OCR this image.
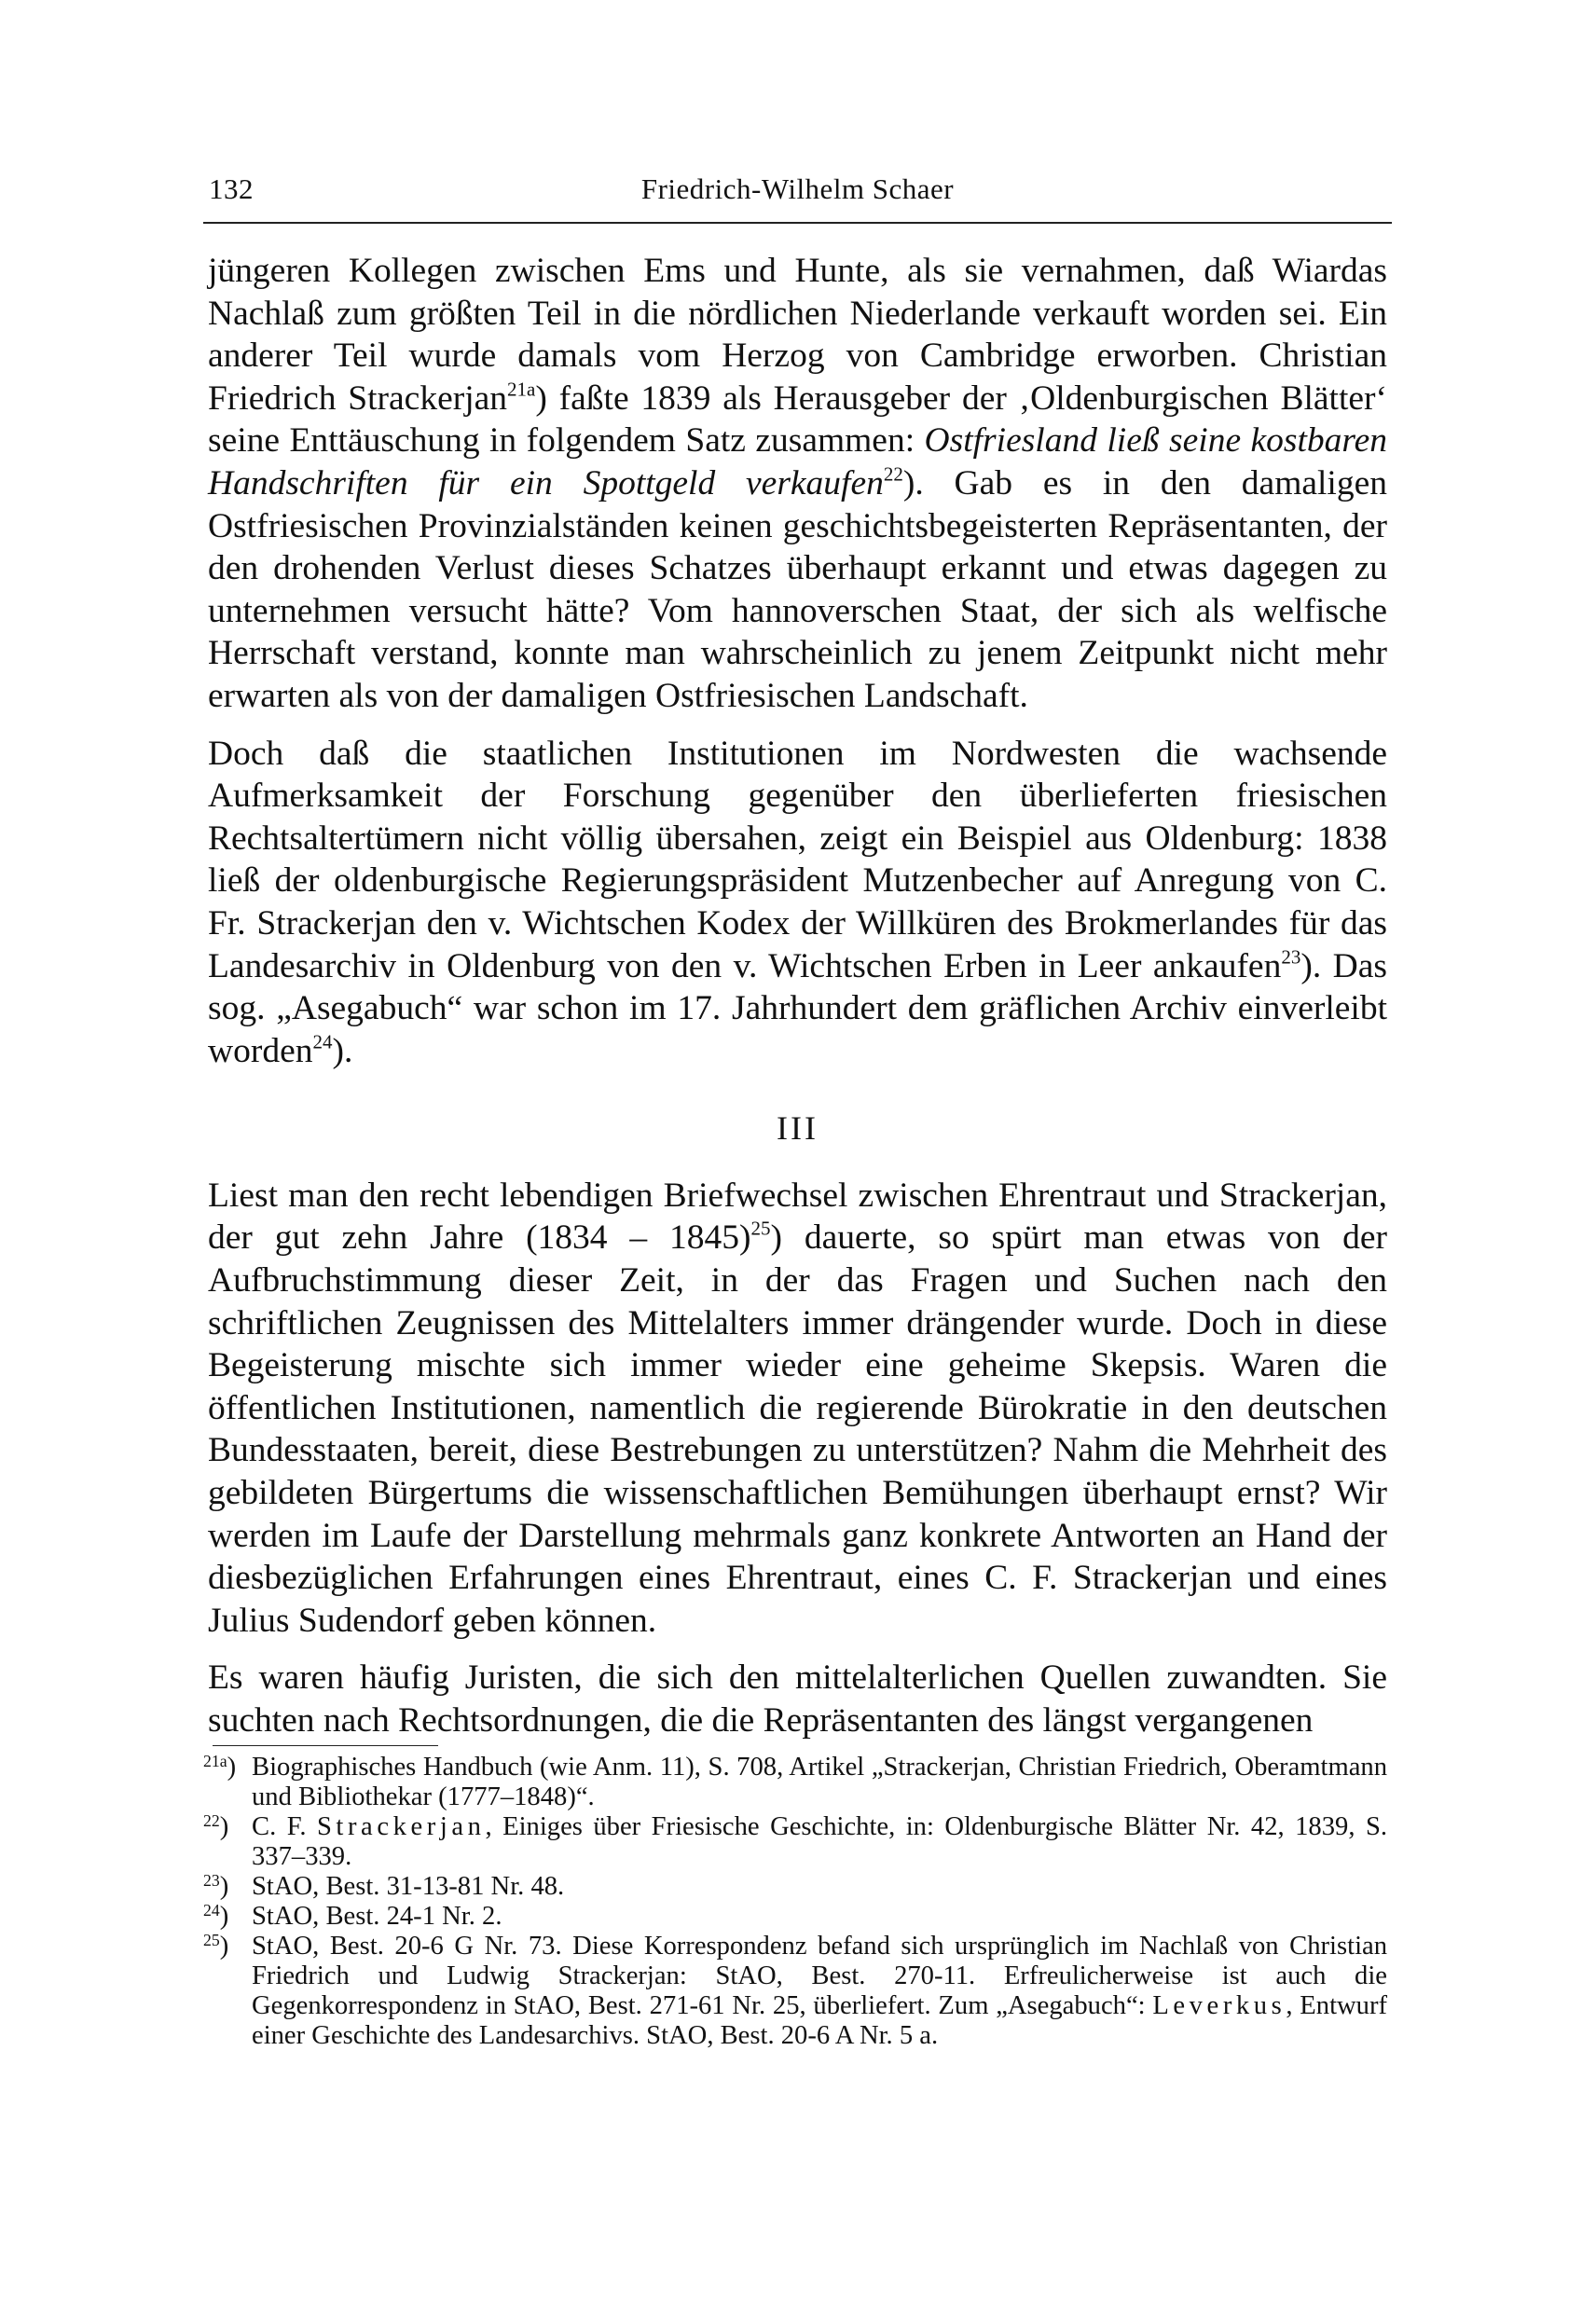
132	Friedrich-Wilhelm Schaer

jüngeren Kollegen zwischen Ems und Hunte, als sie vernahmen, daß Wiardas Nachlaß zum größten Teil in die nördlichen Niederlande verkauft worden sei. Ein anderer Teil wurde damals vom Herzog von Cambridge erworben. Christian Friedrich Strackerjan$^{21a}$) faßte 1839 als Herausgeber der ‚Oldenburgischen Blätter‘ seine Enttäuschung in folgendem Satz zusammen: Ostfriesland ließ seine kostbaren Handschriften für ein Spottgeld verkaufen$^{22}$). Gab es in den damaligen Ostfriesischen Provinzialständen keinen geschichtsbegeisterten Repräsentanten, der den drohenden Verlust dieses Schatzes überhaupt erkannt und etwas dagegen zu unternehmen versucht hätte? Vom hannoverschen Staat, der sich als welfische Herrschaft verstand, konnte man wahrscheinlich zu jenem Zeitpunkt nicht mehr erwarten als von der damaligen Ostfriesischen Landschaft.

Doch daß die staatlichen Institutionen im Nordwesten die wachsende Aufmerksamkeit der Forschung gegenüber den überlieferten friesischen Rechtsaltertümern nicht völlig übersahen, zeigt ein Beispiel aus Oldenburg: 1838 ließ der oldenburgische Regierungspräsident Mutzenbecher auf Anregung von C. Fr. Strackerjan den v. Wichtschen Kodex der Willküren des Brokmerlandes für das Landesarchiv in Oldenburg von den v. Wichtschen Erben in Leer ankaufen$^{23}$). Das sog. „Asegabuch“ war schon im 17. Jahrhundert dem gräflichen Archiv einverleibt worden$^{24}$).

III

Liest man den recht lebendigen Briefwechsel zwischen Ehrentraut und Strackerjan, der gut zehn Jahre (1834 – 1845)$^{25}$) dauerte, so spürt man etwas von der Aufbruchstimmung dieser Zeit, in der das Fragen und Suchen nach den schriftlichen Zeugnissen des Mittelalters immer drängender wurde. Doch in diese Begeisterung mischte sich immer wieder eine geheime Skepsis. Waren die öffentlichen Institutionen, namentlich die regierende Bürokratie in den deutschen Bundesstaaten, bereit, diese Bestrebungen zu unterstützen? Nahm die Mehrheit des gebildeten Bürgertums die wissenschaftlichen Bemühungen überhaupt ernst? Wir werden im Laufe der Darstellung mehrmals ganz konkrete Antworten an Hand der diesbezüglichen Erfahrungen eines Ehrentraut, eines C. F. Strackerjan und eines Julius Sudendorf geben können.

Es waren häufig Juristen, die sich den mittelalterlichen Quellen zuwandten. Sie suchten nach Rechtsordnungen, die die Repräsentanten des längst vergangenen

$^{21a}$) Biographisches Handbuch (wie Anm. 11), S. 708, Artikel „Strackerjan, Christian Friedrich, Oberamtmann und Bibliothekar (1777–1848)“.

$^{22}$) C. F. Strackerjan, Einiges über Friesische Geschichte, in: Oldenburgische Blätter Nr. 42, 1839, S. 337–339.

$^{23}$) StAO, Best. 31-13-81 Nr. 48.

$^{24}$) StAO, Best. 24-1 Nr. 2.

$^{25}$) StAO, Best. 20-6 G Nr. 73. Diese Korrespondenz befand sich ursprünglich im Nachlaß von Christian Friedrich und Ludwig Strackerjan: StAO, Best. 270-11. Erfreulicherweise ist auch die Gegenkorrespondenz in StAO, Best. 271-61 Nr. 25, überliefert. Zum „Asegabuch“: Leverkus, Entwurf einer Geschichte des Landesarchivs. StAO, Best. 20-6 A Nr. 5 a.
